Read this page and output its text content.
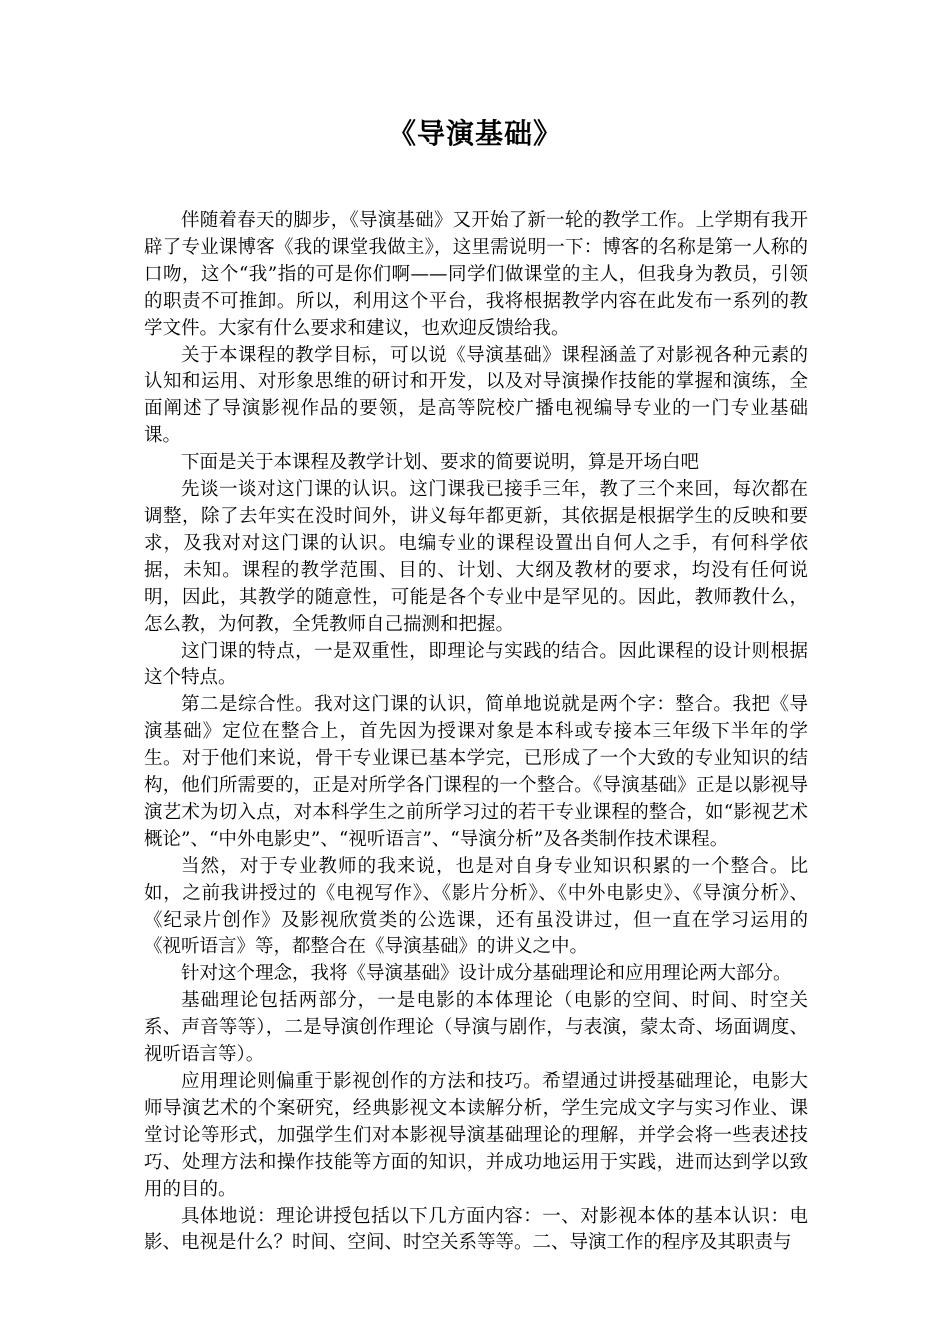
《导演基础》

伴随着春天的脚步，《导演基础》又开始了新一轮的教学工作。上学期有我开辟了专业课博客《我的课堂我做主》，这里需说明一下：博客的名称是第一人称的口吻，这个“我”指的可是你们啊——同学们做课堂的主人，但我身为教员，引领的职责不可推卸。所以，利用这个平台，我将根据教学内容在此发布一系列的教学文件。大家有什么要求和建议，也欢迎反馈给我。

关于本课程的教学目标，可以说《导演基础》课程涵盖了对影视各种元素的认知和运用、对形象思维的研讨和开发，以及对导演操作技能的掌握和演练，全面阐述了导演影视作品的要领，是高等院校广播电视编导专业的一门专业基础课。

下面是关于本课程及教学计划、要求的简要说明，算是开场白吧

先谈一谈对这门课的认识。这门课我已接手三年，教了三个来回，每次都在调整，除了去年实在没时间外，讲义每年都更新，其依据是根据学生的反映和要求，及我对对这门课的认识。电编专业的课程设置出自何人之手，有何科学依据，未知。课程的教学范围、目的、计划、大纲及教材的要求，均没有任何说明，因此，其教学的随意性，可能是各个专业中是罕见的。因此，教师教什么，怎么教，为何教，全凭教师自己揣测和把握。

这门课的特点，一是双重性，即理论与实践的结合。因此课程的设计则根据这个特点。

第二是综合性。我对这门课的认识，简单地说就是两个字：整合。我把《导演基础》定位在整合上，首先因为授课对象是本科或专接本三年级下半年的学生。对于他们来说，骨干专业课已基本学完，已形成了一个大致的专业知识的结构，他们所需要的，正是对所学各门课程的一个整合。《导演基础》正是以影视导演艺术为切入点，对本科学生之前所学习过的若干专业课程的整合，如“影视艺术概论”、“中外电影史”、“视听语言”、“导演分析”及各类制作技术课程。

当然，对于专业教师的我来说，也是对自身专业知识积累的一个整合。比如，之前我讲授过的《电视写作》、《影片分析》、《中外电影史》、《导演分析》、《纪录片创作》及影视欣赏类的公选课，还有虽没讲过，但一直在学习运用的《视听语言》等，都整合在《导演基础》的讲义之中。

针对这个理念，我将《导演基础》设计成分基础理论和应用理论两大部分。

基础理论包括两部分，一是电影的本体理论（电影的空间、时间、时空关系、声音等等），二是导演创作理论（导演与剧作，与表演，蒙太奇、场面调度、视听语言等）。

应用理论则偏重于影视创作的方法和技巧。希望通过讲授基础理论，电影大师导演艺术的个案研究，经典影视文本读解分析，学生完成文字与实习作业、课堂讨论等形式，加强学生们对本影视导演基础理论的理解，并学会将一些表述技巧、处理方法和操作技能等方面的知识，并成功地运用于实践，进而达到学以致用的目的。

具体地说：理论讲授包括以下几方面内容：一、对影视本体的基本认识：电影、电视是什么？时间、空间、时空关系等等。二、导演工作的程序及其职责与
